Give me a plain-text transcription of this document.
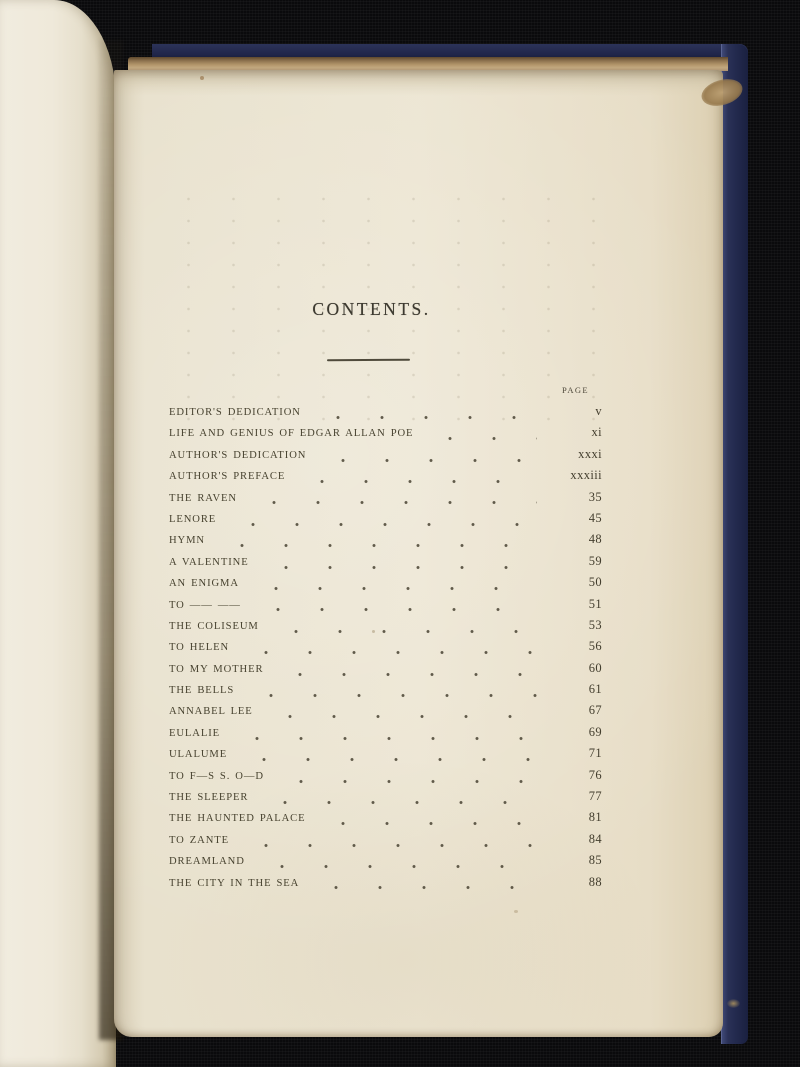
CONTENTS.
PAGE
EDITOR'S DEDICATION	v
LIFE AND GENIUS OF EDGAR ALLAN POE	xi
AUTHOR'S DEDICATION	xxxi
AUTHOR'S PREFACE	xxxiii
THE RAVEN	35
LENORE	45
HYMN	48
A VALENTINE	59
AN ENIGMA	50
TO —— ——	51
THE COLISEUM	53
TO HELEN	56
TO MY MOTHER	60
THE BELLS	61
ANNABEL LEE	67
EULALIE	69
ULALUME	71
TO F—S S. O—D	76
THE SLEEPER	77
THE HAUNTED PALACE	81
TO ZANTE	84
DREAMLAND	85
THE CITY IN THE SEA	88
